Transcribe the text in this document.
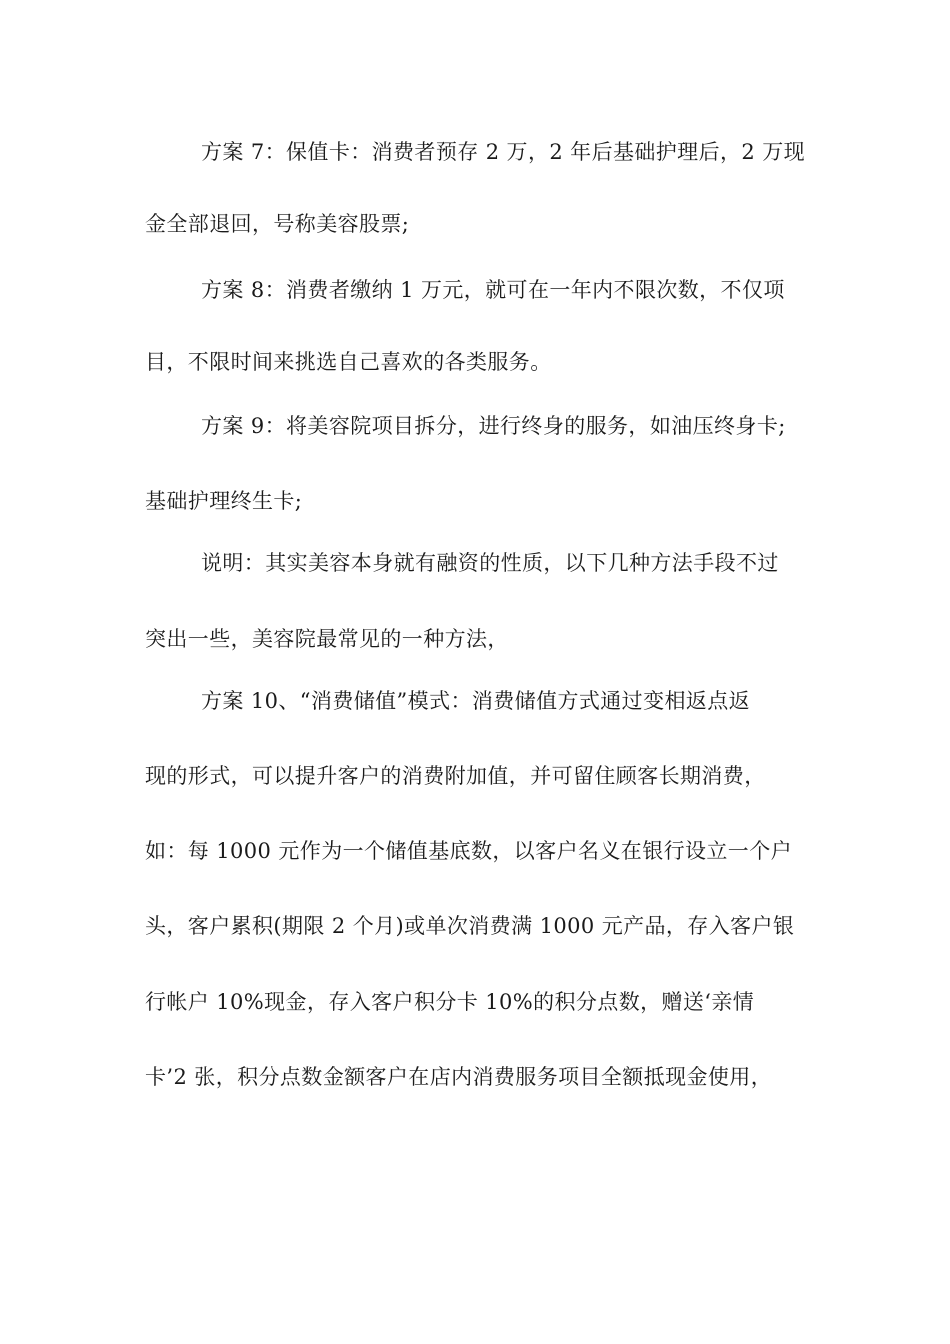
方案 7：保值卡：消费者预存 2 万，2 年后基础护理后，2 万现
金全部退回，号称美容股票;
方案 8：消费者缴纳 1 万元，就可在一年内不限次数，不仅项
目，不限时间来挑选自己喜欢的各类服务。
方案 9：将美容院项目拆分，进行终身的服务，如油压终身卡;
基础护理终生卡;
说明：其实美容本身就有融资的性质，以下几种方法手段不过
突出一些，美容院最常见的一种方法，
方案 10、“消费储值”模式：消费储值方式通过变相返点返
现的形式，可以提升客户的消费附加值，并可留住顾客长期消费，
如：每 1000 元作为一个储值基底数，以客户名义在银行设立一个户
头，客户累积(期限 2 个月)或单次消费满 1000 元产品，存入客户银
行帐户 10%现金，存入客户积分卡 10%的积分点数，赠送‘亲情
卡’2 张，积分点数金额客户在店内消费服务项目全额抵现金使用，
